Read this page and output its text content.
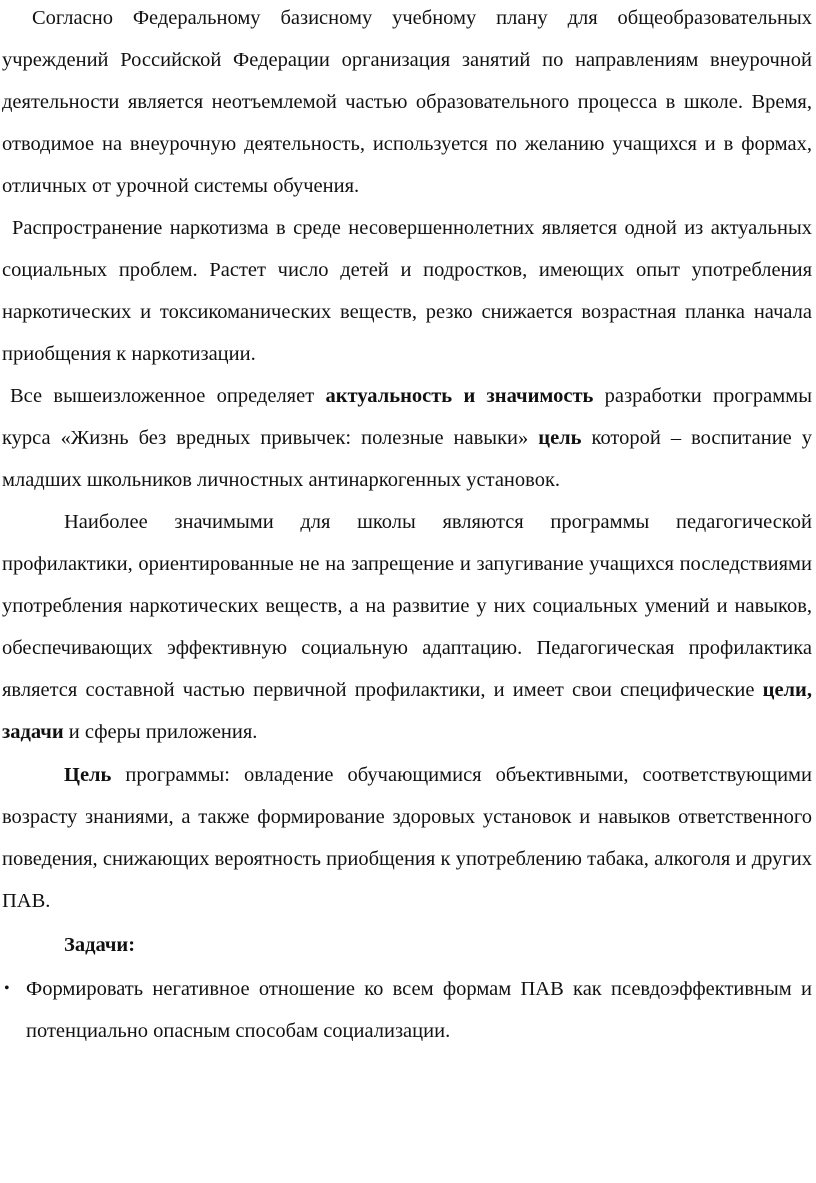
Согласно Федеральному базисному учебному плану для общеобразовательных учреждений Российской Федерации организация занятий по направлениям внеурочной деятельности является неотъемлемой частью образовательного процесса в школе. Время, отводимое на внеурочную деятельность, используется по желанию учащихся и в формах, отличных от урочной системы обучения.

Распространение наркотизма в среде несовершеннолетних является одной из актуальных социальных проблем. Растет число детей и подростков, имеющих опыт употребления наркотических и токсикоманических веществ, резко снижается возрастная планка начала приобщения к наркотизации.

Все вышеизложенное определяет актуальность и значимость разработки программы курса «Жизнь без вредных привычек: полезные навыки» цель которой – воспитание у младших школьников личностных антинаркогенных установок.

Наиболее значимыми для школы являются программы педагогической профилактики, ориентированные не на запрещение и запугивание учащихся последствиями употребления наркотических веществ, а на развитие у них социальных умений и навыков, обеспечивающих эффективную социальную адаптацию. Педагогическая профилактика является составной частью первичной профилактики, и имеет свои специфические цели, задачи и сферы приложения.

Цель программы: овладение обучающимися объективными, соответствующими возрасту знаниями, а также формирование здоровых установок и навыков ответственного поведения, снижающих вероятность приобщения к употреблению табака, алкоголя и других ПАВ.

Задачи:

• Формировать негативное отношение ко всем формам ПАВ как псевдоэффективным и потенциально опасным способам социализации.
